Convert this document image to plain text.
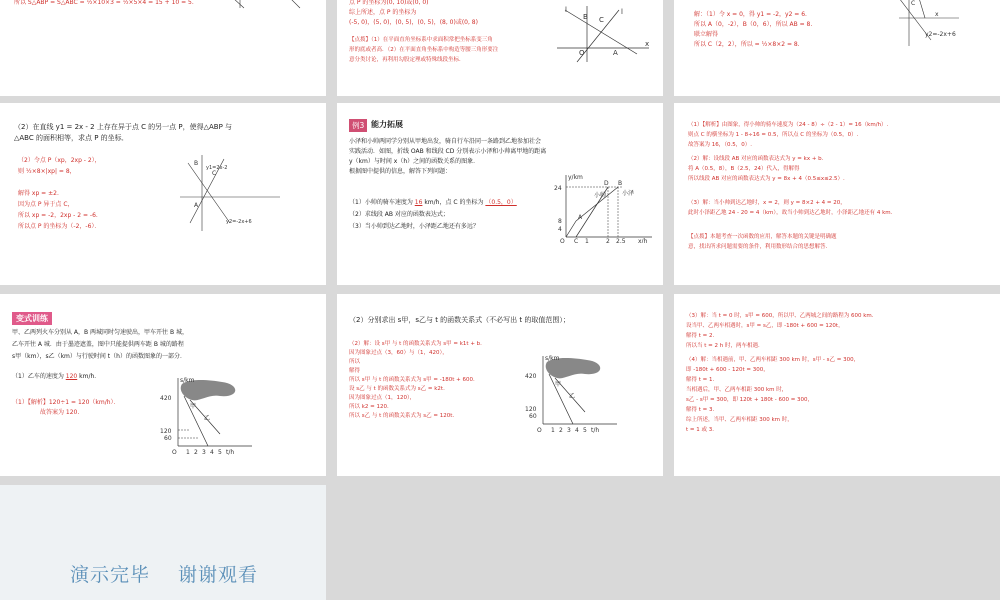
所以 S△ABP = S△ABC = ½×10×3 = ½×5×4 = 15 + 10 = 5.	点 P 的坐标为(0, 10)或(0, 0)
综上所述，点 P 的坐标为
(-5, 0)，(5, 0)，(0, 5)，(0, 5)，(8, 0)或(0, 8)
【点拨】（1）在平面直角坐标系中求面积常把坐标系变三角
形的底或者高．（2）在平面直角坐标系中构造等腰三角形要注
意分类讨论，再利用勾股定理或特殊线段坐标．
l	l
B C
O	A
x
解：（1）令 x = 0，得 y1 = -2，y2 = 6.
所以 A（0，-2），B（0，6），所以 AB = 8.
联立解得
所以 C（2，2），所以 = ½×8×2 = 8.
C
x
y2=-2x+6
（2）在直线 y1 = 2x - 2 上存在异于点 C 的另一点 P，使得△ABP 与
△ABC 的面积相等，求点 P 的坐标．
（2）令点 P（xp，2xp - 2），
则 ½×8×|xp| = 8，
解得 xp = ±2.
因为点 P 异于点 C，
所以 xp = -2，2xp - 2 = -6.
所以点 P 的坐标为（-2，-6）．
B
C
A
y1=2x-2
y2=-2x+6
例3 能力拓展
小泽和小帅两同学分别从甲地出发，骑自行车沿同一条路到乙地参加社会
实践活动．如图，折线 OAB 和线段 CD 分别表示小泽和小帅离甲地的距离
y（km）与时间 x（h）之间的函数关系的图象．
根据图中提供的信息，解答下列问题：
（1）小帅的骑车速度为 16 km/h，点 C 的坐标为 （0.5，0）
（2）求线段 AB 对应的函数表达式；
（3）当小帅到达乙地时，小泽距乙地还有多远？
y/km
24
8
4
O C 1	2 2.5 x/h
小帅	小泽
A
B
D
（1）【解析】由图象，得小帅的骑车速度为（24 - 8）÷（2 - 1）= 16（km/h）.
则点 C 的横坐标为 1 - 8÷16 = 0.5，所以点 C 的坐标为（0.5，0）.
故答案为 16，（0.5，0）.
（2）解：设线段 AB 对应的函数表达式为 y = kx + b.
将 A（0.5，8），B（2.5，24）代入，得解得
所以线段 AB 对应的函数表达式为 y = 8x + 4（0.5≤x≤2.5）.
（3）解：当小帅到达乙地时，x = 2，则 y = 8×2 + 4 = 20，
此时小泽距乙地 24 - 20 = 4（km），故当小帅到达乙地时，小泽距乙地还有 4 km.
【点拨】本题考查一次函数的应用，解答本题的关键是明确题
意，找出所求问题需要的条件，利用数形结合的思想解答．
变式训练
甲、乙两列火车分别从 A，B 两城同时匀速驶出，甲车开往 B 城，
乙车开往 A 城．由于墨迹遮盖，图中只能提供两车距 B 城的路程
s甲（km），s乙（km）与行驶时间 t（h）的函数图象的一部分．
（1）乙车的速度为 120 km/h．
（1）【解析】120÷1 = 120（km/h）．
故答案为 120.
s/km
420
120
60
O 1 2 3 4 5 t/h
甲
乙
（2）分别求出 s甲，s乙与 t 的函数关系式（不必写出 t 的取值范围）；
（2）解：设 s甲 与 t 的函数关系式为 s甲 = k1t + b.
因为图象过点（3，60）与（1，420），
所以
解得
所以 s甲 与 t 的函数关系式为 s甲 = -180t + 600.
设 s乙 与 t 的函数关系式为 s乙 = k2t.
因为图象过点（1，120），
所以 k2 = 120.
所以 s乙 与 t 的函数关系式为 s乙 = 120t.
s/km
420
120
60
O 1 2 3 4 5 t/h
甲
乙
（3）解：当 t = 0 时，s甲 = 600，所以甲、乙两城之间的路程为 600 km.
设当甲、乙两车相遇时，s甲 = s乙，即 -180t + 600 = 120t，
解得 t = 2.
所以当 t = 2 h 时，两车相遇．
（4）解：当相遇前，甲、乙两车相距 300 km 时，s甲 - s乙 = 300，
即 -180t + 600 - 120t = 300，
解得 t = 1.
当相遇后，甲、乙两车相距 300 km 时，
s乙 - s甲 = 300，即 120t + 180t - 600 = 300，
解得 t = 3.
综上所述，当甲、乙两车相距 300 km 时，
t = 1 或 3.
演示完毕 谢谢观看
